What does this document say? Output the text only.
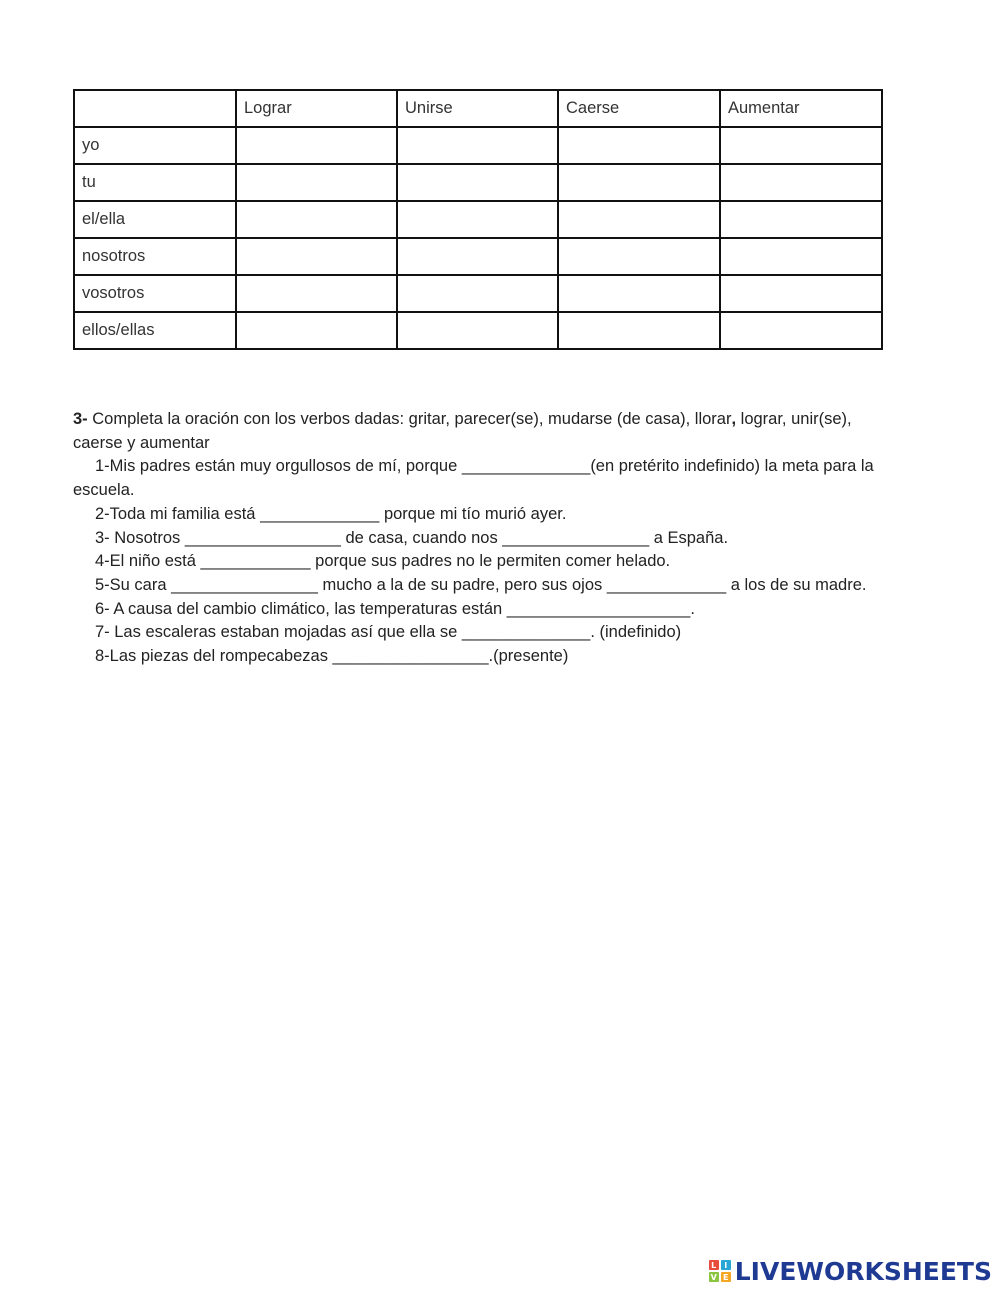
	Lograr	Unirse	Caerse	Aumentar
yo				
tu				
el/ella				
nosotros				
vosotros				
ellos/ellas				

3- Completa la oración con los verbos dadas: gritar, parecer(se), mudarse (de casa), llorar, lograr, unir(se), caerse y aumentar

1-Mis padres están muy orgullosos de mí, porque ______________(en pretérito indefinido) la meta para la escuela.

2-Toda mi familia está _____________ porque mi tío murió ayer.

3- Nosotros _________________ de casa, cuando nos ________________ a España.

4-El niño está ____________ porque sus padres no le permiten comer helado.

5-Su cara ________________ mucho a la de su padre, pero sus ojos _____________ a los de su madre.

6- A causa del cambio climático, las temperaturas están ____________________.

7- Las escaleras estaban mojadas así que ella se ______________. (indefinido)

8-Las piezas del rompecabezas _________________.(presente)

L I
V E LIVEWORKSHEETS
